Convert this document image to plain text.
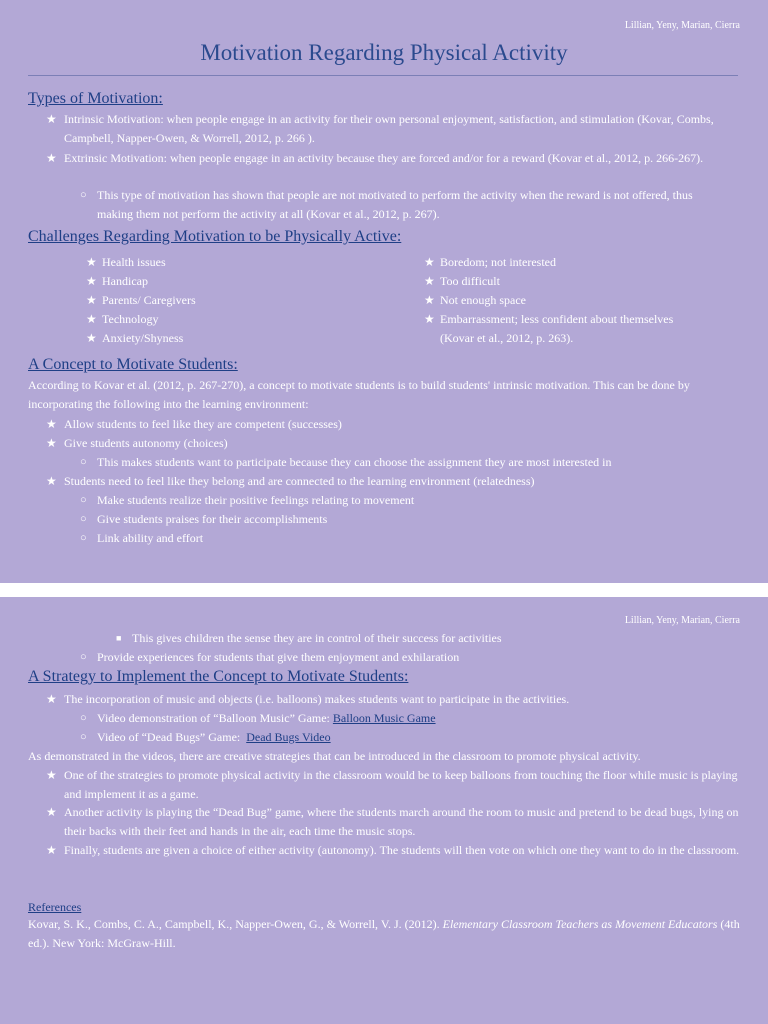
Lillian, Yeny, Marian, Cierra
Motivation Regarding Physical Activity
Types of Motivation:
★ Intrinsic Motivation: when people engage in an activity for their own personal enjoyment, satisfaction, and stimulation (Kovar, Combs, Campbell, Napper-Owen, & Worrell, 2012, p. 266 ).
★ Extrinsic Motivation: when people engage in an activity because they are forced and/or for a reward (Kovar et al., 2012, p. 266-267).
○ This type of motivation has shown that people are not motivated to perform the activity when the reward is not offered, thus making them not perform the activity at all (Kovar et al., 2012, p. 267).
Challenges Regarding Motivation to be Physically Active:
★ Health issues
★ Handicap
★ Parents/ Caregivers
★ Technology
★ Anxiety/Shyness
★ Boredom; not interested
★ Too difficult
★ Not enough space
★ Embarrassment; less confident about themselves
(Kovar et al., 2012, p. 263).
A Concept to Motivate Students:
According to Kovar et al. (2012, p. 267-270), a concept to motivate students is to build students' intrinsic motivation. This can be done by incorporating the following into the learning environment:
★ Allow students to feel like they are competent (successes)
★ Give students autonomy (choices)
○ This makes students want to participate because they can choose the assignment they are most interested in
★ Students need to feel like they belong and are connected to the learning environment (relatedness)
○ Make students realize their positive feelings relating to movement
○ Give students praises for their accomplishments
○ Link ability and effort
Lillian, Yeny, Marian, Cierra
■ This gives children the sense they are in control of their success for activities
○ Provide experiences for students that give them enjoyment and exhilaration
A Strategy to Implement the Concept to Motivate Students:
★ The incorporation of music and objects (i.e. balloons) makes students want to participate in the activities.
○ Video demonstration of “Balloon Music” Game: Balloon Music Game
○ Video of “Dead Bugs” Game:  Dead Bugs Video
As demonstrated in the videos, there are creative strategies that can be introduced in the classroom to promote physical activity.
★ One of the strategies to promote physical activity in the classroom would be to keep balloons from touching the floor while music is playing and implement it as a game.
★ Another activity is playing the “Dead Bug” game, where the students march around the room to music and pretend to be dead bugs, lying on their backs with their feet and hands in the air, each time the music stops.
★ Finally, students are given a choice of either activity (autonomy). The students will then vote on which one they want to do in the classroom.
References
Kovar, S. K., Combs, C. A., Campbell, K., Napper-Owen, G., & Worrell, V. J. (2012). Elementary Classroom Teachers as Movement Educators (4th ed.). New York: McGraw-Hill.
